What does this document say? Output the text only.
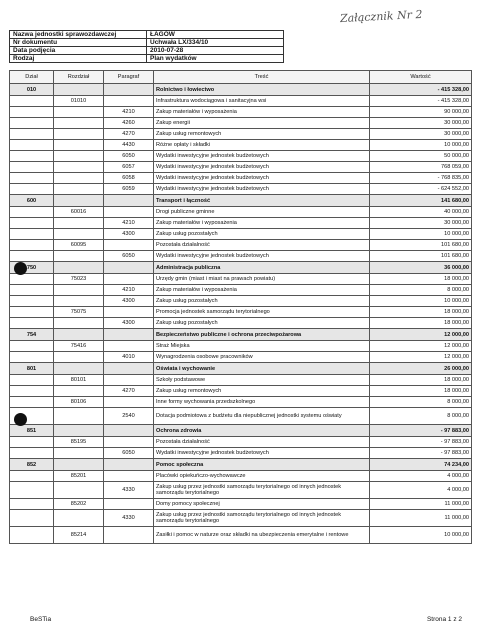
Załącznik Nr 2
Nazwa jednostki sprawozdawczej	ŁAGÓW
Nr dokumentu	Uchwała LX/334/10
Data podjęcia	2010-07-28
Rodzaj	Plan wydatków
Dział	Rozdział	Paragraf	Treść	Wartość
010			Rolnictwo i łowiectwo	- 415 328,00
	01010		Infrastruktura wodociągowa i sanitacyjna wsi	- 415 328,00
		4210	Zakup materiałów i wyposażenia	90 000,00
		4260	Zakup energii	30 000,00
		4270	Zakup usług remontowych	30 000,00
		4430	Różne opłaty i składki	10 000,00
		6050	Wydatki inwestycyjne jednostek budżetowych	50 000,00
		6057	Wydatki inwestycyjne jednostek budżetowych	768 059,00
		6058	Wydatki inwestycyjne jednostek budżetowych	- 768 835,00
		6059	Wydatki inwestycyjne jednostek budżetowych	- 624 552,00
600			Transport i łączność	141 680,00
	60016		Drogi publiczne gminne	40 000,00
		4210	Zakup materiałów i wyposażenia	30 000,00
		4300	Zakup usług pozostałych	10 000,00
	60095		Pozostała działalność	101 680,00
		6050	Wydatki inwestycyjne jednostek budżetowych	101 680,00
750			Administracja publiczna	36 000,00
	75023		Urzędy gmin (miast i miast na prawach powiatu)	18 000,00
		4210	Zakup materiałów i wyposażenia	8 000,00
		4300	Zakup usług pozostałych	10 000,00
	75075		Promocja jednostek samorządu terytorialnego	18 000,00
		4300	Zakup usług pozostałych	18 000,00
754			Bezpieczeństwo publiczne i ochrona przeciwpożarowa	12 000,00
	75416		Straż Miejska	12 000,00
		4010	Wynagrodzenia osobowe pracowników	12 000,00
801			Oświata i wychowanie	26 000,00
	80101		Szkoły podstawowe	18 000,00
		4270	Zakup usług remontowych	18 000,00
	80106		Inne formy wychowania przedszkolnego	8 000,00
		2540	Dotacja podmiotowa z budżetu dla niepublicznej jednostki systemu oświaty	8 000,00
851			Ochrona zdrowia	- 97 883,00
	85195		Pozostała działalność	- 97 883,00
		6050	Wydatki inwestycyjne jednostek budżetowych	- 97 883,00
852			Pomoc społeczna	74 234,00
	85201		Placówki opiekuńczo-wychowawcze	4 000,00
		4330	Zakup usług przez jednostki samorządu terytorialnego od innych jednostek samorządu terytorialnego	4 000,00
	85202		Domy pomocy społecznej	11 000,00
		4330	Zakup usług przez jednostki samorządu terytorialnego od innych jednostek samorządu terytorialnego	11 000,00
	85214		Zasiłki i pomoc w naturze oraz składki na ubezpieczenia emerytalne i rentowe	10 000,00
BeSTia	Strona 1 z 2
